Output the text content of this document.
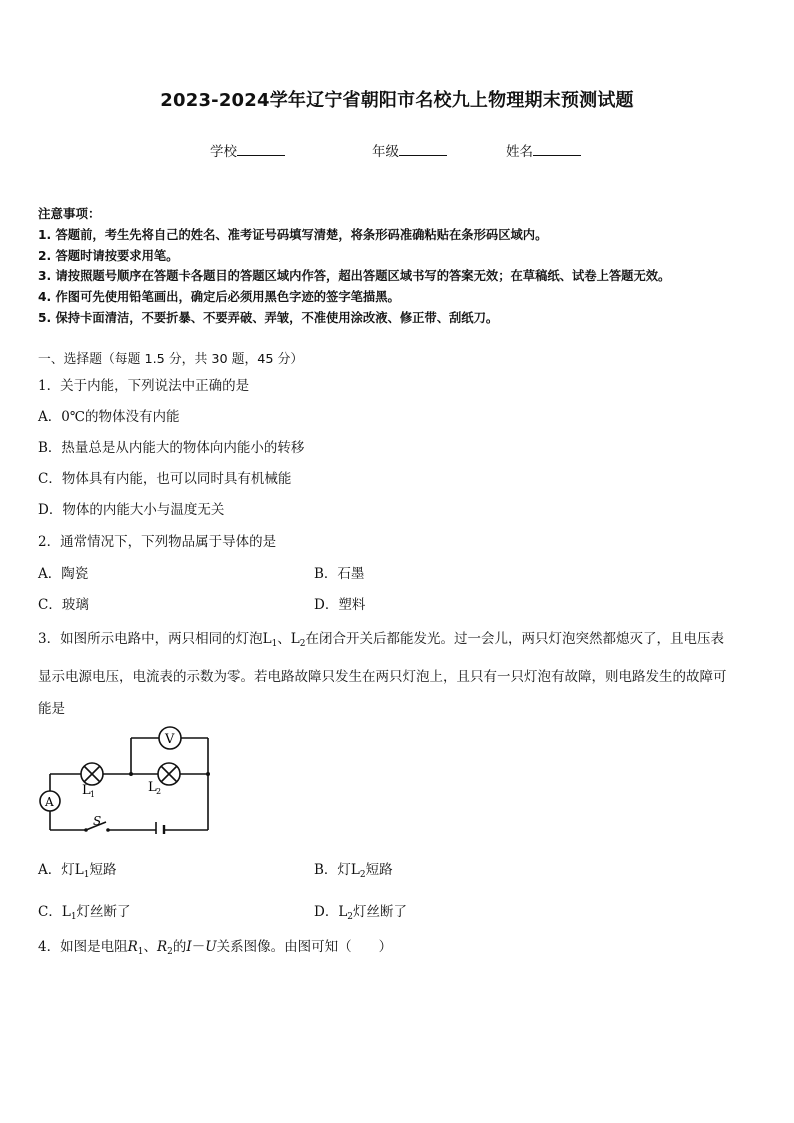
2023-2024学年辽宁省朝阳市名校九上物理期末预测试题
学校	年级	姓名
注意事项：
1. 答题前，考生先将自己的姓名、准考证号码填写清楚，将条形码准确粘贴在条形码区域内。
2. 答题时请按要求用笔。
3. 请按照题号顺序在答题卡各题目的答题区域内作答，超出答题区域书写的答案无效；在草稿纸、试卷上答题无效。
4. 作图可先使用铅笔画出，确定后必须用黑色字迹的签字笔描黑。
5. 保持卡面清洁，不要折暴、不要弄破、弄皱，不准使用涂改液、修正带、刮纸刀。
一、选择题（每题 1.5 分，共 30 题，45 分）
1．关于内能，下列说法中正确的是
A．0℃的物体没有内能
B．热量总是从内能大的物体向内能小的转移
C．物体具有内能，也可以同时具有机械能
D．物体的内能大小与温度无关
2．通常情况下，下列物品属于导体的是
A．陶瓷	B．石墨
C．玻璃	D．塑料
3．如图所示电路中，两只相同的灯泡$L_1$、$L_2$在闭合开关后都能发光。过一会儿，两只灯泡突然都熄灭了，且电压表
显示电源电压，电流表的示数为零。若电路故障只发生在两只灯泡上，且只有一只灯泡有故障，则电路发生的故障可
能是
V
A
L 1	L 2
S
A．灯$L_1$短路	B．灯$L_2$短路
C．$L_1$灯丝断了	D．$L_2$灯丝断了
4．如图是电阻$R_1$、$R_2$的I－U关系图像。由图可知（　　）
